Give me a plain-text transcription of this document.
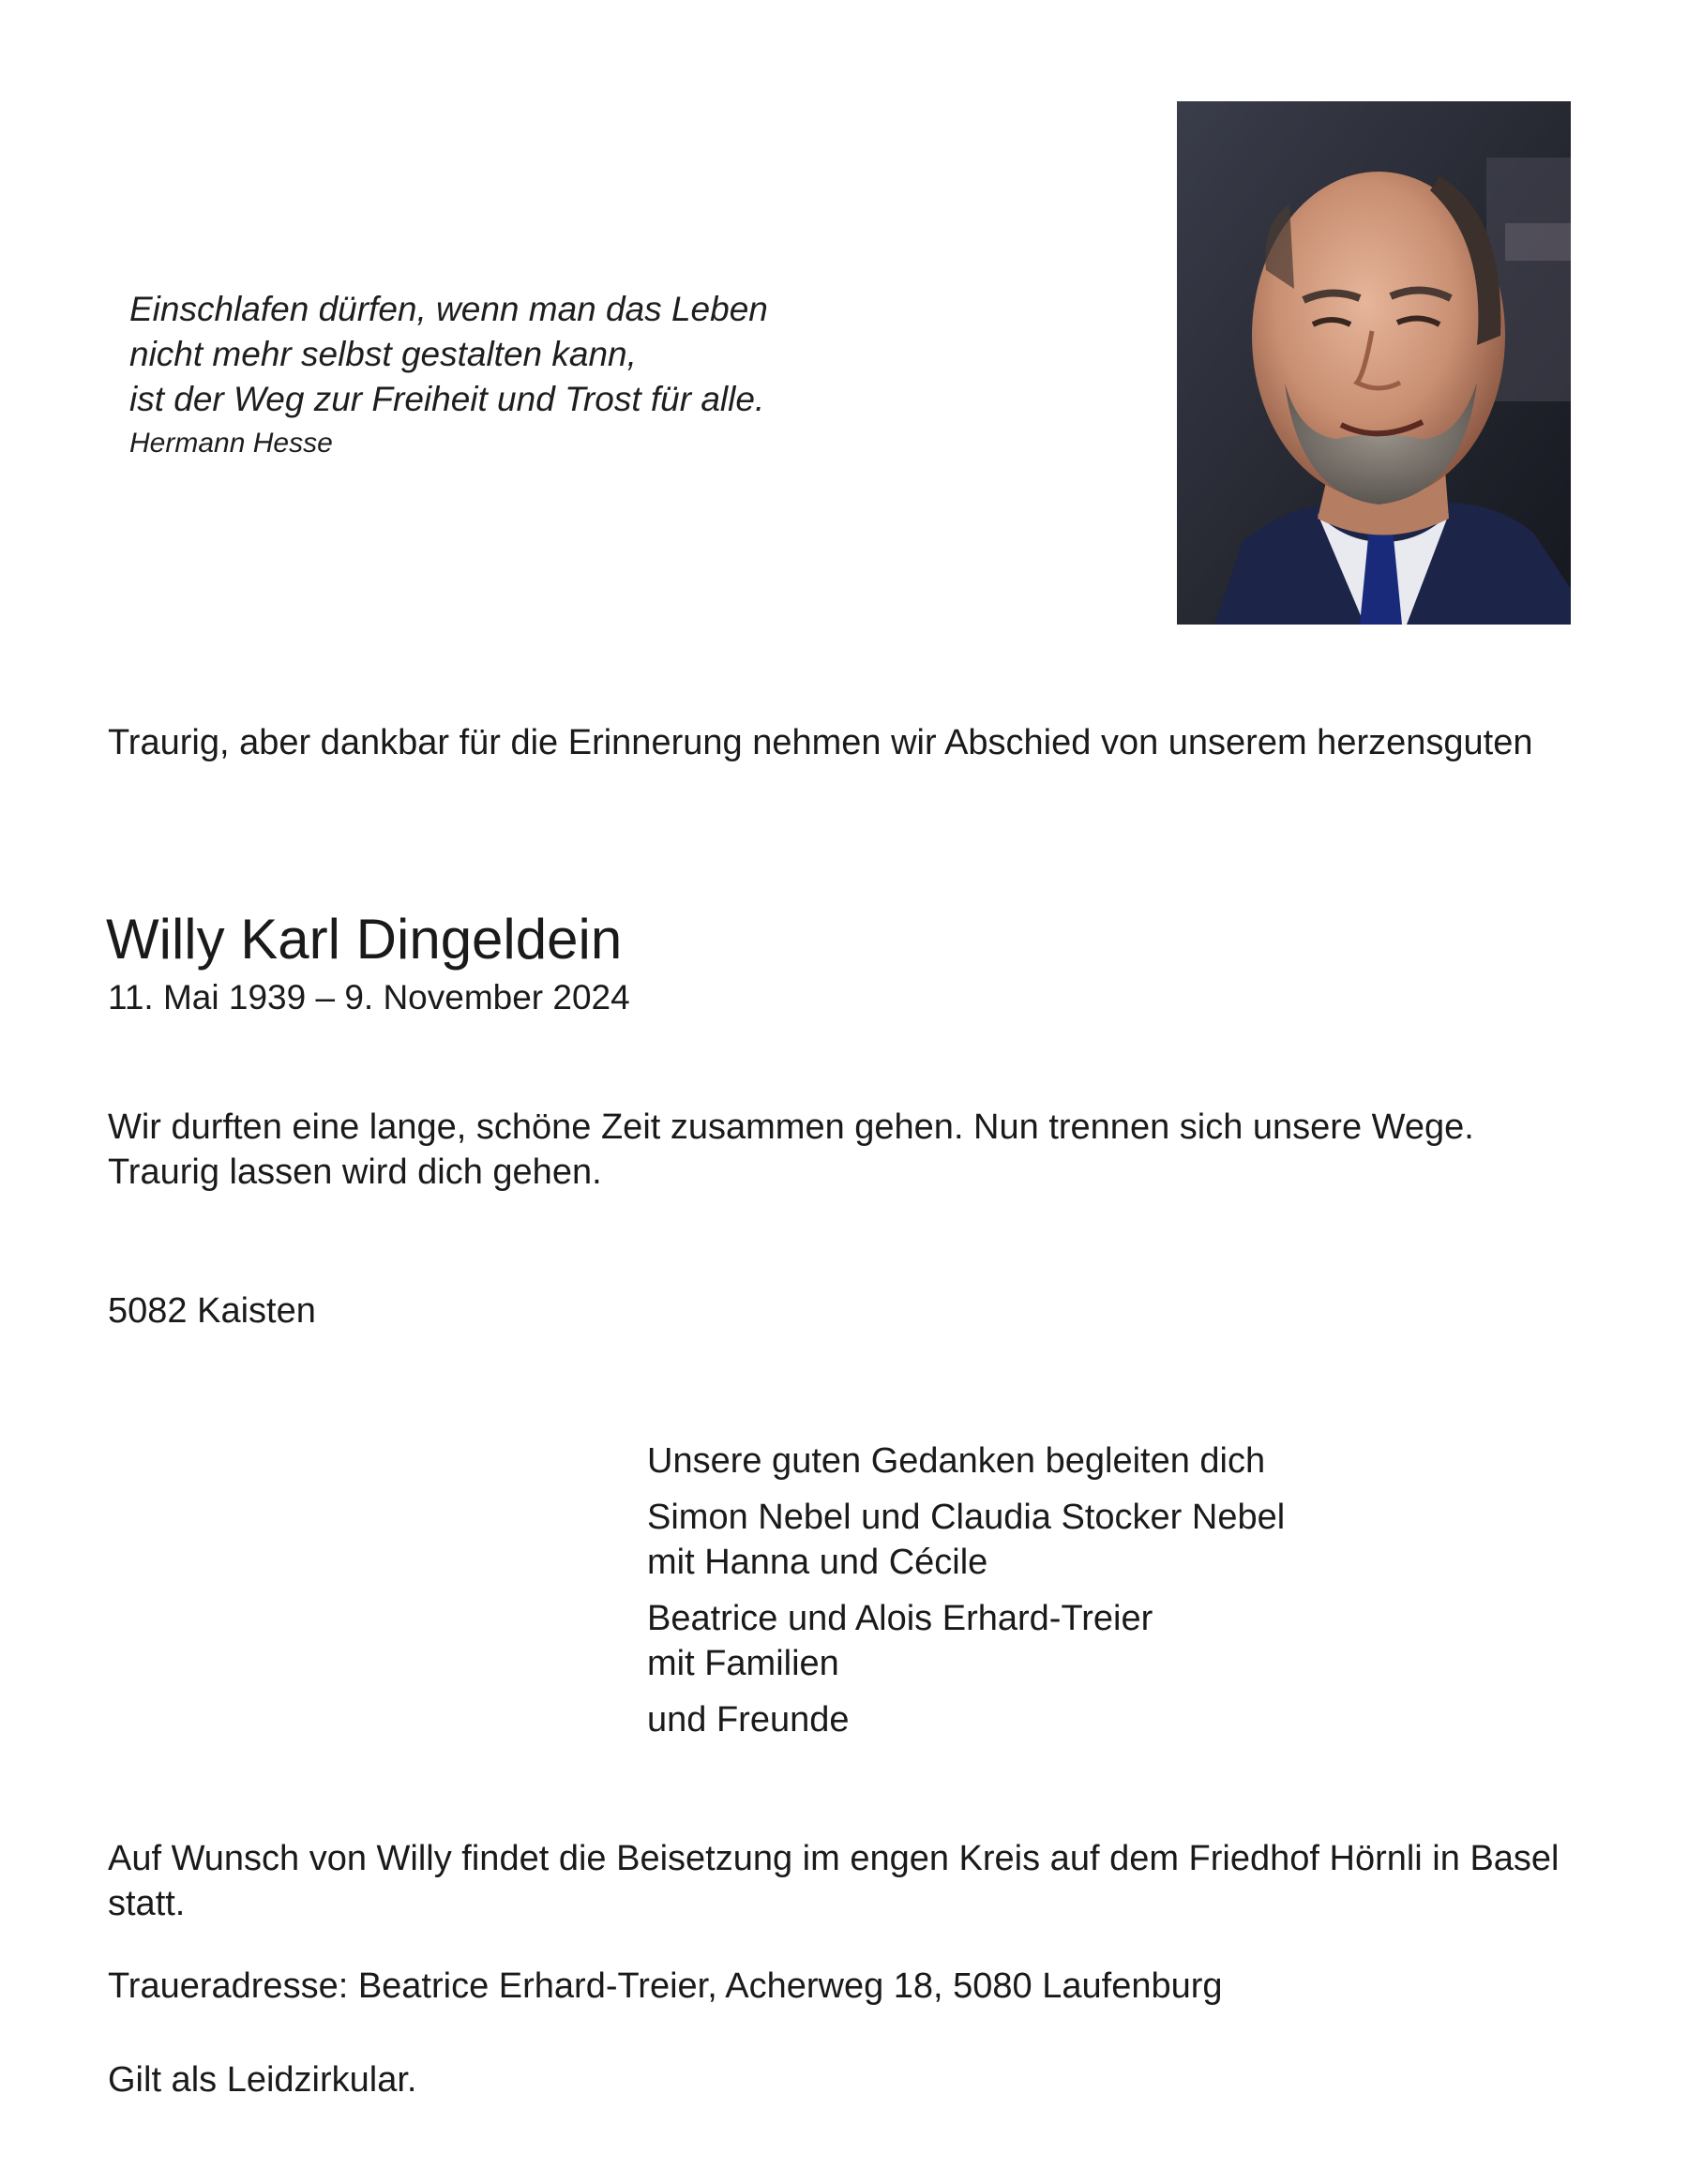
Einschlafen dürfen, wenn man das Leben
nicht mehr selbst gestalten kann,
ist der Weg zur Freiheit und Trost für alle.
Hermann Hesse
Traurig, aber dankbar für die Erinnerung nehmen wir Abschied von unserem herzensguten
Willy Karl Dingeldein
11. Mai 1939 – 9. November 2024
Wir durften eine lange, schöne Zeit zusammen gehen. Nun trennen sich unsere Wege. Traurig lassen wird dich gehen.
5082 Kaisten
Unsere guten Gedanken begleiten dich
Simon Nebel und Claudia Stocker Nebel
mit Hanna und Cécile
Beatrice und Alois Erhard-Treier
mit Familien
und Freunde
Auf Wunsch von Willy findet die Beisetzung im engen Kreis auf dem Friedhof Hörnli in Basel statt.
Traueradresse: Beatrice Erhard-Treier, Acherweg 18, 5080 Laufenburg
Gilt als Leidzirkular.
